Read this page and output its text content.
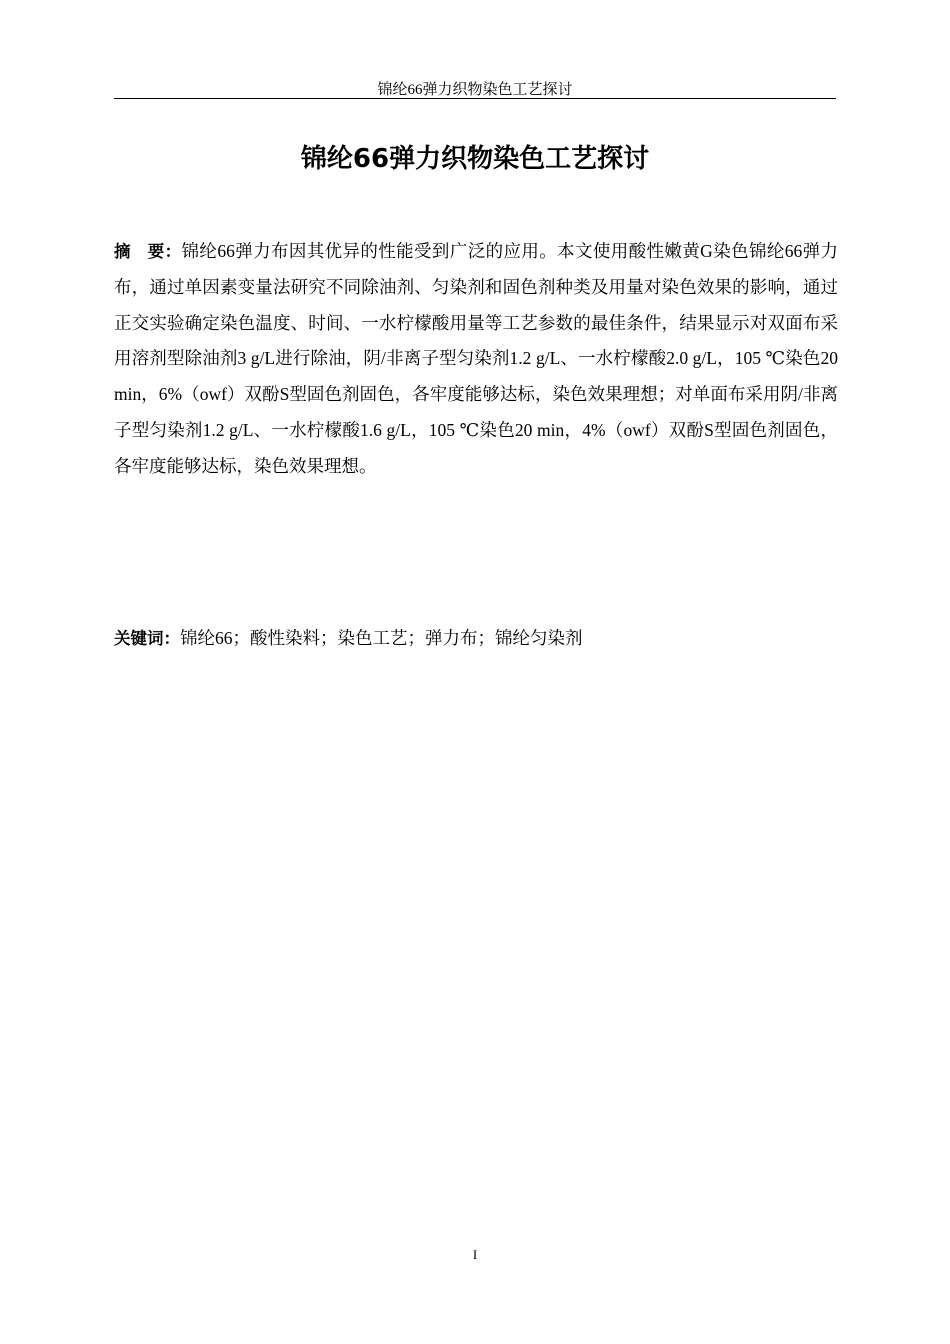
锦纶66弹力织物染色工艺探讨
锦纶66弹力织物染色工艺探讨

摘　要：锦纶66弹力布因其优异的性能受到广泛的应用。本文使用酸性嫩黄G染色锦纶66弹力布，通过单因素变量法研究不同除油剂、匀染剂和固色剂种类及用量对染色效果的影响，通过正交实验确定染色温度、时间、一水柠檬酸用量等工艺参数的最佳条件，结果显示对双面布采用溶剂型除油剂3 g/L进行除油，阴/非离子型匀染剂1.2 g/L、一水柠檬酸2.0 g/L，105 ℃染色20 min，6%（owf）双酚S型固色剂固色，各牢度能够达标，染色效果理想；对单面布采用阴/非离子型匀染剂1.2 g/L、一水柠檬酸1.6 g/L，105 ℃染色20 min，4%（owf）双酚S型固色剂固色，各牢度能够达标，染色效果理想。

关键词：锦纶66；酸性染料；染色工艺；弹力布；锦纶匀染剂

I
